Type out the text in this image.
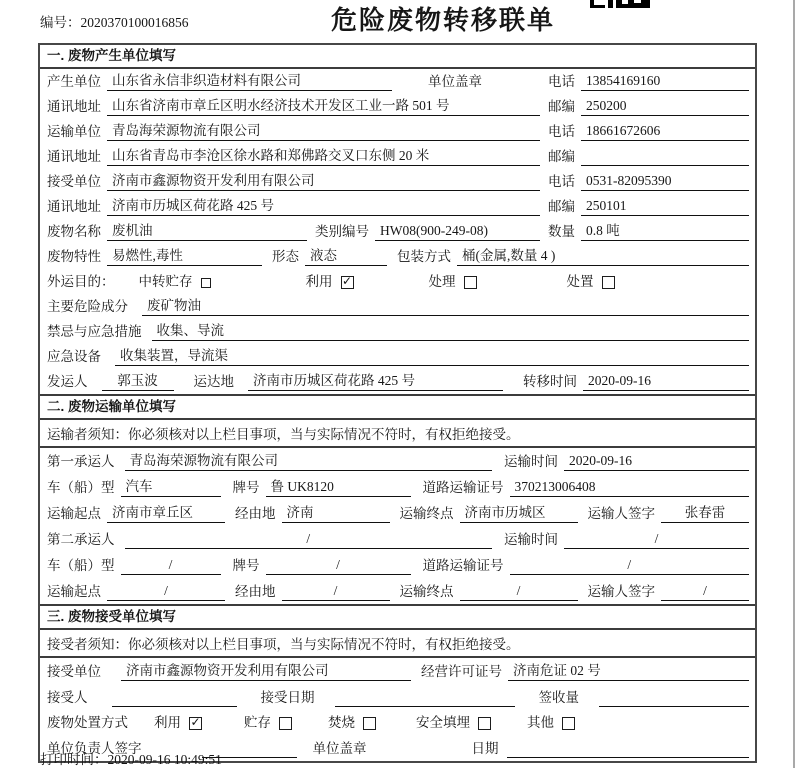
编号：2020370100016856	危险废物转移联单
一. 废物产生单位填写
产生单位 山东省永信非织造材料有限公司	单位盖章	电话 13854169160
通讯地址 山东省济南市章丘区明水经济技术开发区工业一路 501 号	邮编 250200
运输单位 青岛海荣源物流有限公司	电话 18661672606
通讯地址 山东省青岛市李沧区徐水路和郑佛路交叉口东侧 20 米	邮编
接受单位 济南市鑫源物资开发利用有限公司	电话 0531-82095390
通讯地址 济南市历城区荷花路 425 号	邮编 250101
废物名称 废机油	类别编号 HW08(900-249-08)	数量 0.8 吨
废物特性 易燃性,毒性	形态 液态	包装方式 桶(金属,数量 4 )
外运目的： 中转贮存	利用 ✓	处理	处置
主要危险成分	废矿物油
禁忌与应急措施	收集、导流
应急设备	收集装置，导流渠
发运人	郭玉波	运达地	济南市历城区荷花路 425 号	转移时间 2020-09-16
二. 废物运输单位填写
运输者须知：你必须核对以上栏目事项，当与实际情况不符时，有权拒绝接受。
第一承运人	青岛海荣源物流有限公司	运输时间 2020-09-16
车（船）型 汽车	牌号 鲁 UK8120	道路运输证号 370213006408
运输起点 济南市章丘区	经由地 济南	运输终点 济南市历城区	运输人签字	张春雷
第二承运人	/	运输时间	/
车（船）型	/	牌号	/	道路运输证号	/
运输起点	/	经由地	/	运输终点	/	运输人签字	/
三. 废物接受单位填写
接受者须知：你必须核对以上栏目事项，当与实际情况不符时，有权拒绝接受。
接受单位	济南市鑫源物资开发利用有限公司	经营许可证号 济南危证 02 号
接受人	接受日期	签收量
废物处置方式 利用 ✓	贮存	焚烧	安全填埋	其他
单位负责人签字	单位盖章	日期
打印时间：2020-09-16 10:49:51
